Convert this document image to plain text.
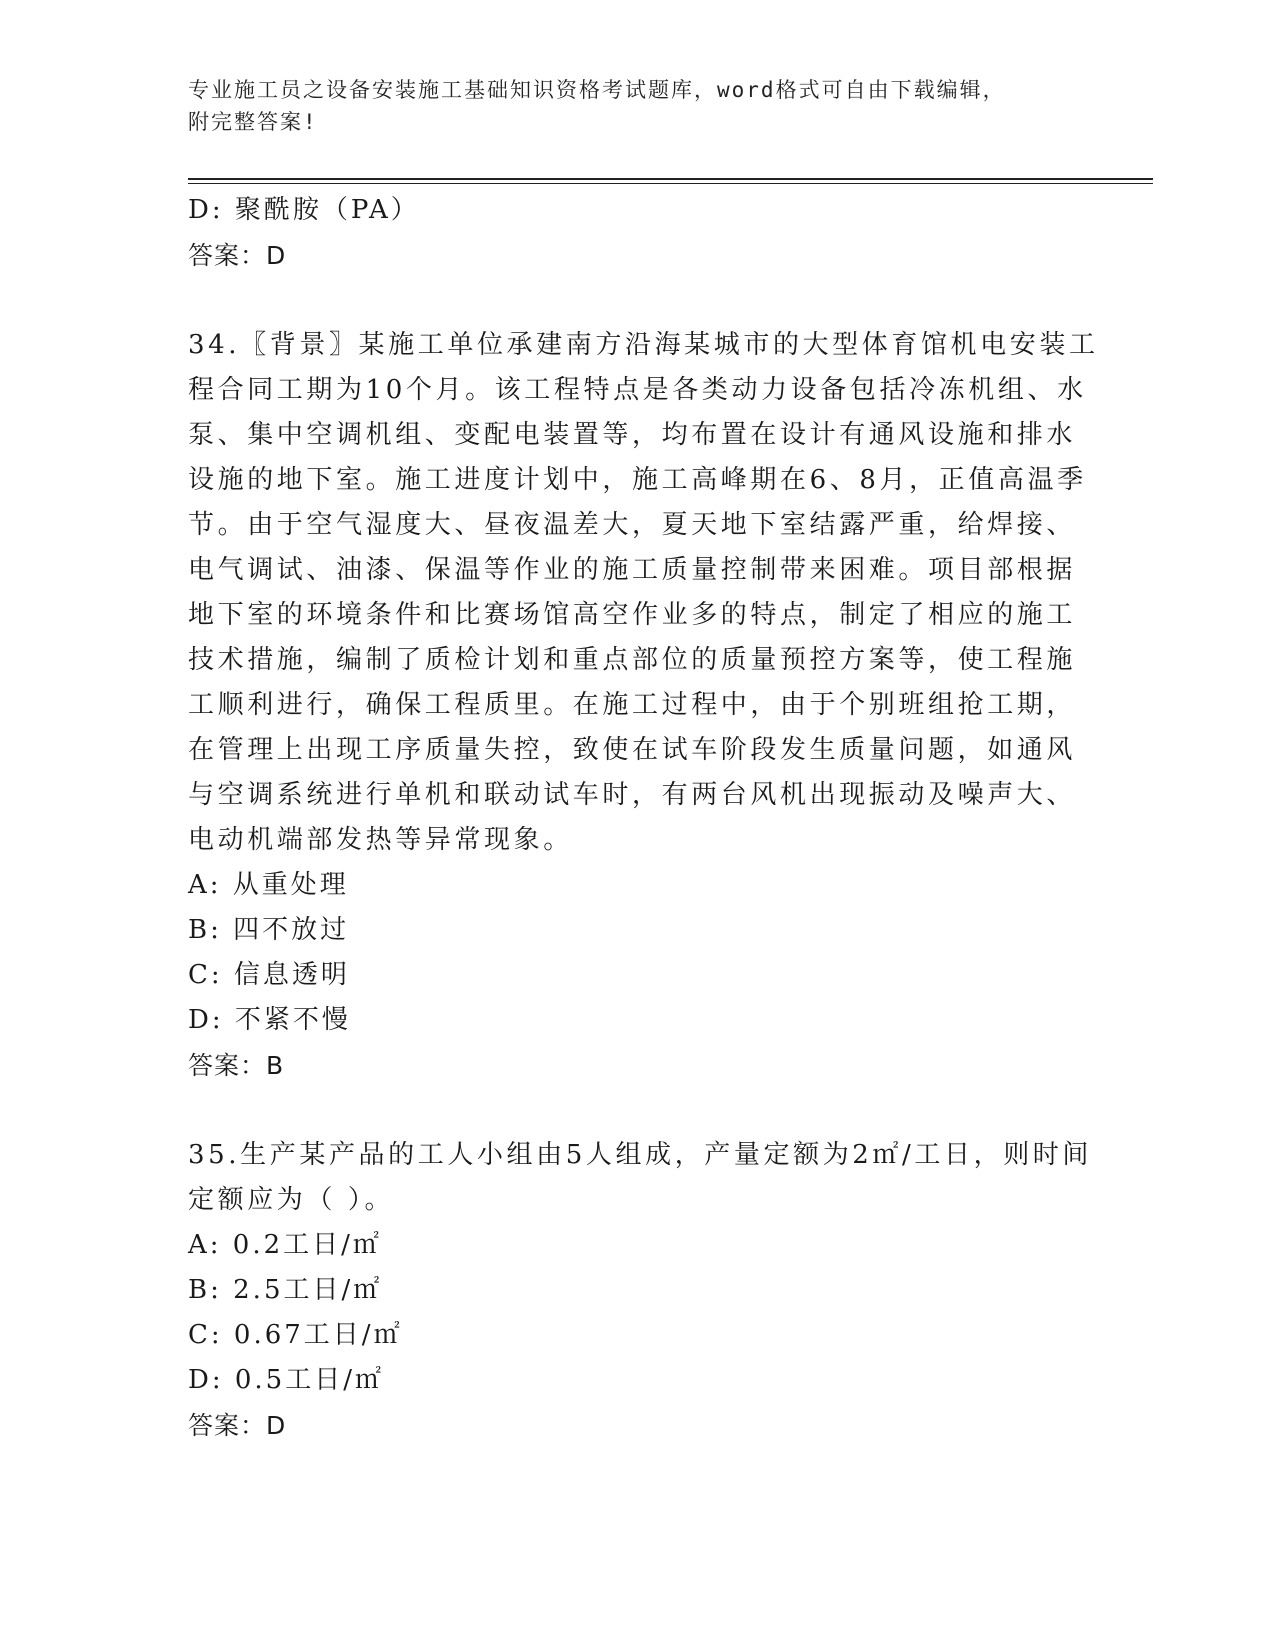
专业施工员之设备安装施工基础知识资格考试题库，word格式可自由下载编辑，
附完整答案!
D: 聚酰胺（PA）
答案：D
34.〖背景〗某施工单位承建南方沿海某城市的大型体育馆机电安装工
程合同工期为10个月。该工程特点是各类动力设备包括冷冻机组、水
泵、集中空调机组、变配电装置等，均布置在设计有通风设施和排水
设施的地下室。施工进度计划中，施工高峰期在6、8月，正值高温季
节。由于空气湿度大、昼夜温差大，夏天地下室结露严重，给焊接、
电气调试、油漆、保温等作业的施工质量控制带来困难。项目部根据
地下室的环境条件和比赛场馆高空作业多的特点，制定了相应的施工
技术措施，编制了质检计划和重点部位的质量预控方案等，使工程施
工顺利进行，确保工程质里。在施工过程中，由于个别班组抢工期，
在管理上出现工序质量失控，致使在试车阶段发生质量问题，如通风
与空调系统进行单机和联动试车时，有两台风机出现振动及噪声大、
电动机端部发热等异常现象。
A: 从重处理
B: 四不放过
C: 信息透明
D: 不紧不慢
答案：B
35.生产某产品的工人小组由5人组成，产量定额为2㎡/工日，则时间
定额应为（ ）。
A: 0.2工日/㎡
B: 2.5工日/㎡
C: 0.67工日/㎡
D: 0.5工日/㎡
答案：D
